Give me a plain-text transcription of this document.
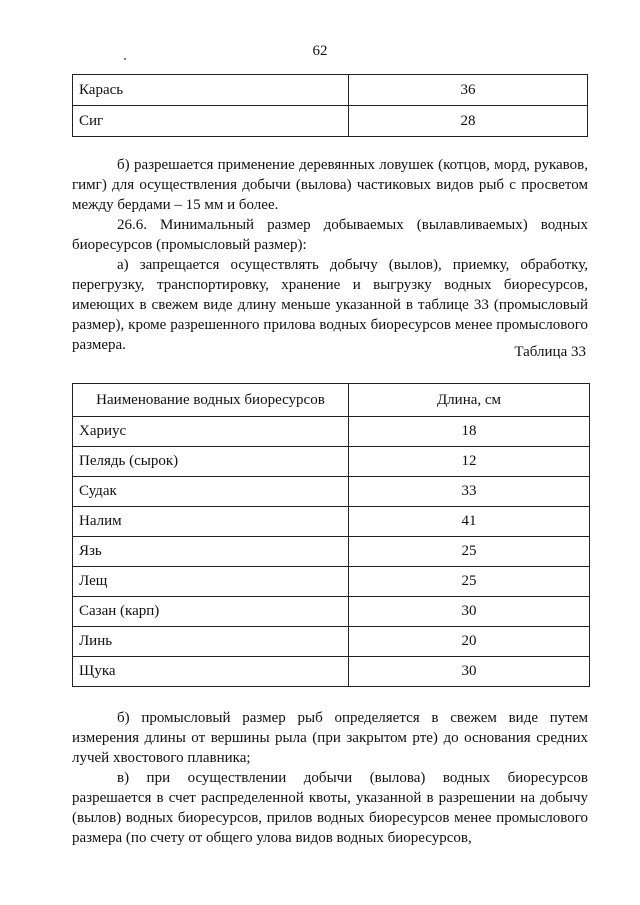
62
Карась	36
Сиг	28
б) разрешается применение деревянных ловушек (котцов, морд, рукавов, гимг) для осуществления добычи (вылова) частиковых видов рыб с просветом между бердами – 15 мм и более.
26.6. Минимальный размер добываемых (вылавливаемых) водных биоресурсов (промысловый размер):
а) запрещается осуществлять добычу (вылов), приемку, обработку, перегрузку, транспортировку, хранение и выгрузку водных биоресурсов, имеющих в свежем виде длину меньше указанной в таблице 33 (промысловый размер), кроме разрешенного прилова водных биоресурсов менее промыслового размера.	Таблица 33
Наименование водных биоресурсов	Длина, см
Хариус	18
Пелядь (сырок)	12
Судак	33
Налим	41
Язь	25
Лещ	25
Сазан (карп)	30
Линь	20
Щука	30
б) промысловый размер рыб определяется в свежем виде путем измерения длины от вершины рыла (при закрытом рте) до основания средних лучей хвостового плавника;
в) при осуществлении добычи (вылова) водных биоресурсов разрешается в счет распределенной квоты, указанной в разрешении на добычу (вылов) водных биоресурсов, прилов водных биоресурсов менее промыслового размера (по счету от общего улова видов водных биоресурсов,
